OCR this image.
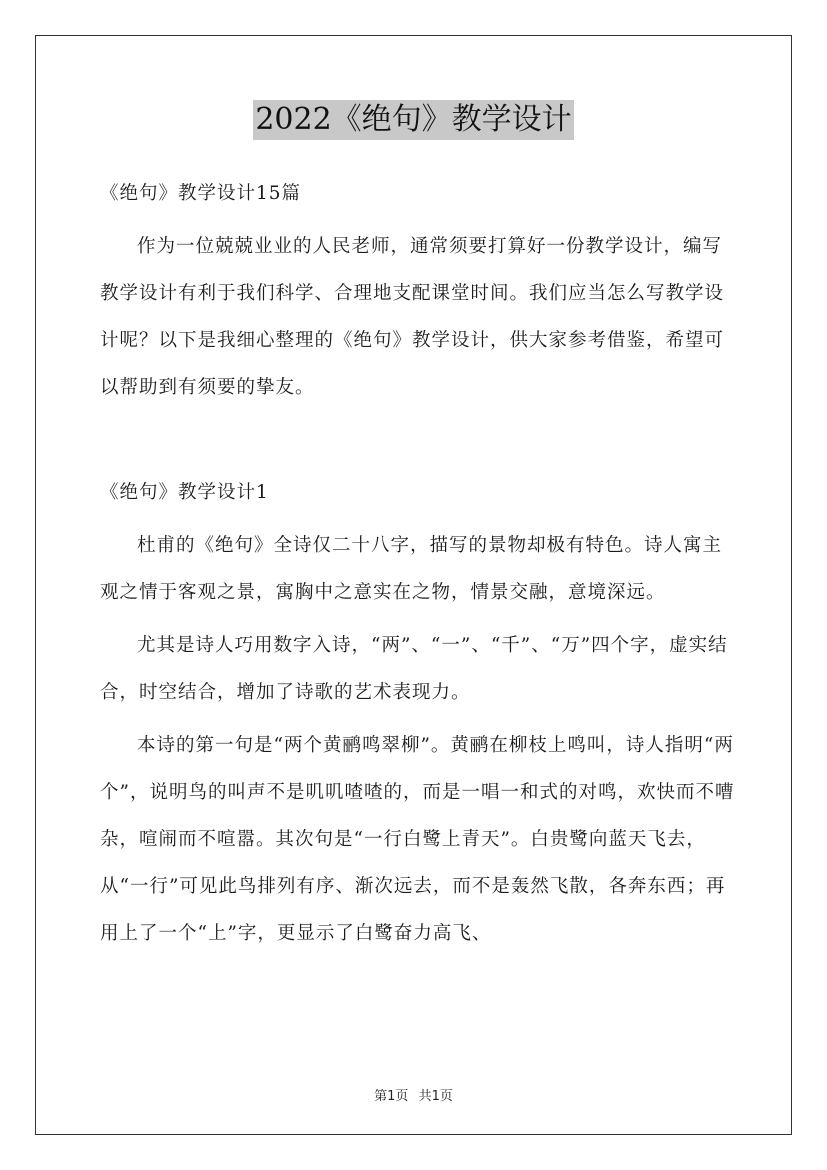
2022《绝句》教学设计

《绝句》教学设计15篇

作为一位兢兢业业的人民老师，通常须要打算好一份教学设计，编写教学设计有利于我们科学、合理地支配课堂时间。我们应当怎么写教学设计呢？以下是我细心整理的《绝句》教学设计，供大家参考借鉴，希望可以帮助到有须要的挚友。

《绝句》教学设计1

杜甫的《绝句》全诗仅二十八字，描写的景物却极有特色。诗人寓主观之情于客观之景，寓胸中之意实在之物，情景交融，意境深远。

尤其是诗人巧用数字入诗，“两”、“一”、“千”、“万”四个字，虚实结合，时空结合，增加了诗歌的艺术表现力。

本诗的第一句是“两个黄鹂鸣翠柳”。黄鹂在柳枝上鸣叫，诗人指明“两个”，说明鸟的叫声不是叽叽喳喳的，而是一唱一和式的对鸣，欢快而不嘈杂，喧闹而不喧嚣。其次句是“一行白鹭上青天”。白贵鹭向蓝天飞去，从“一行”可见此鸟排列有序、渐次远去，而不是轰然飞散，各奔东西；再用上了一个“上”字，更显示了白鹭奋力高飞、

第1页 共1页
